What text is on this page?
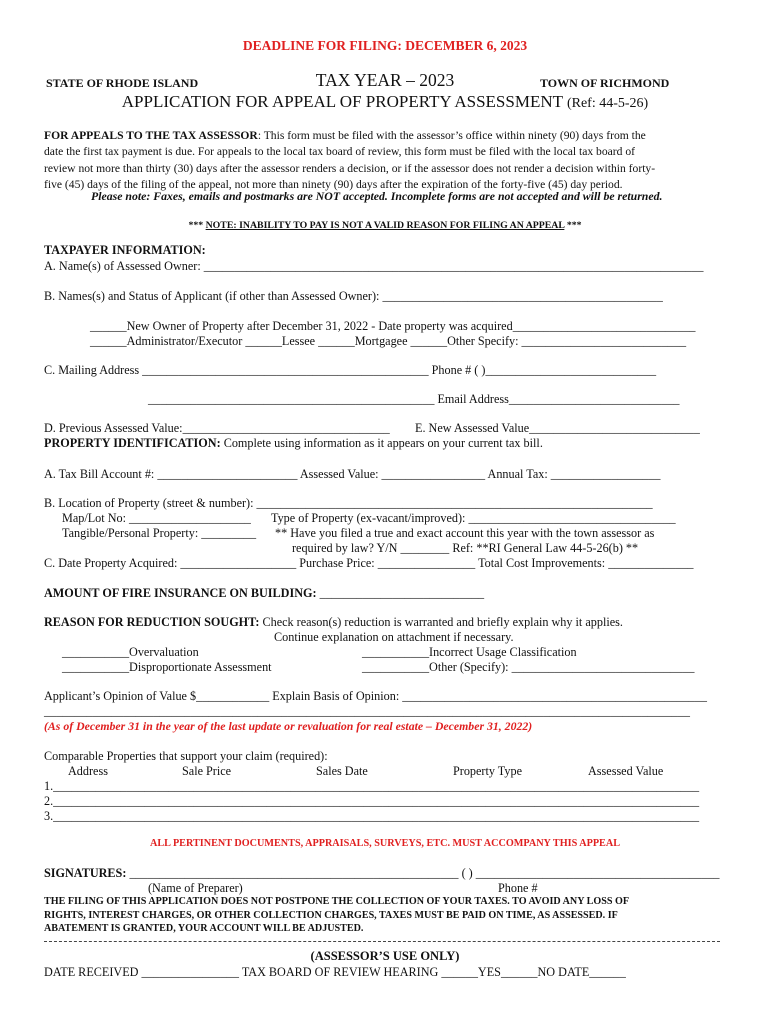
DEADLINE FOR FILING: DECEMBER 6, 2023
STATE OF RHODE ISLAND	TAX YEAR – 2023	TOWN OF RICHMOND
APPLICATION FOR APPEAL OF PROPERTY ASSESSMENT (Ref: 44-5-26)
FOR APPEALS TO THE TAX ASSESSOR: This form must be filed with the assessor’s office within ninety (90) days from the
date the first tax payment is due. For appeals to the local tax board of review, this form must be filed with the local tax board of
review not more than thirty (30) days after the assessor renders a decision, or if the assessor does not render a decision within forty-
five (45) days of the filing of the appeal, not more than ninety (90) days after the expiration of the forty-five (45) day period.
Please note: Faxes, emails and postmarks are NOT accepted. Incomplete forms are not accepted and will be returned.
*** NOTE: INABILITY TO PAY IS NOT A VALID REASON FOR FILING AN APPEAL ***
TAXPAYER INFORMATION:
A. Name(s) of Assessed Owner: __________________________________________________________________________________
B. Names(s) and Status of Applicant (if other than Assessed Owner): ______________________________________________
______New Owner of Property after December 31, 2022 - Date property was acquired______________________________
______Administrator/Executor ______Lessee ______Mortgagee ______Other Specify: ___________________________
C. Mailing Address _______________________________________________ Phone # ( )____________________________
_______________________________________________ Email Address____________________________
D. Previous Assessed Value:__________________________________ E. New Assessed Value____________________________
PROPERTY IDENTIFICATION: Complete using information as it appears on your current tax bill.
A. Tax Bill Account #: _______________________ Assessed Value: _________________ Annual Tax: __________________
B. Location of Property (street & number): _________________________________________________________________
Map/Lot No: ____________________ Type of Property (ex-vacant/improved): __________________________________
Tangible/Personal Property: _________ ** Have you filed a true and exact account this year with the town assessor as
required by law? Y/N ________ Ref: **RI General Law 44-5-26(b) **
C. Date Property Acquired: ___________________ Purchase Price: ________________ Total Cost Improvements: ______________
AMOUNT OF FIRE INSURANCE ON BUILDING: ___________________________
REASON FOR REDUCTION SOUGHT: Check reason(s) reduction is warranted and briefly explain why it applies.
Continue explanation on attachment if necessary.
___________Overvaluation
___________Disproportionate Assessment
___________Incorrect Usage Classification
___________Other (Specify): ______________________________
Applicant’s Opinion of Value $____________ Explain Basis of Opinion: __________________________________________________
__________________________________________________________________________________________________________
(As of December 31 in the year of the last update or revaluation for real estate – December 31, 2022)
Comparable Properties that support your claim (required):
Address	Sale Price	Sales Date	Property Type	Assessed Value
1.__________________________________________________________________________________________________________
2.__________________________________________________________________________________________________________
3.__________________________________________________________________________________________________________
ALL PERTINENT DOCUMENTS, APPRAISALS, SURVEYS, ETC. MUST ACCOMPANY THIS APPEAL
SIGNATURES: ______________________________________________________ ( ) ________________________________________
(Name of Preparer)	Phone #
THE FILING OF THIS APPLICATION DOES NOT POSTPONE THE COLLECTION OF YOUR TAXES. TO AVOID ANY LOSS OF
RIGHTS, INTEREST CHARGES, OR OTHER COLLECTION CHARGES, TAXES MUST BE PAID ON TIME, AS ASSESSED. IF
ABATEMENT IS GRANTED, YOUR ACCOUNT WILL BE ADJUSTED.
(ASSESSOR’S USE ONLY)
DATE RECEIVED ________________ TAX BOARD OF REVIEW HEARING ______YES______NO DATE______
